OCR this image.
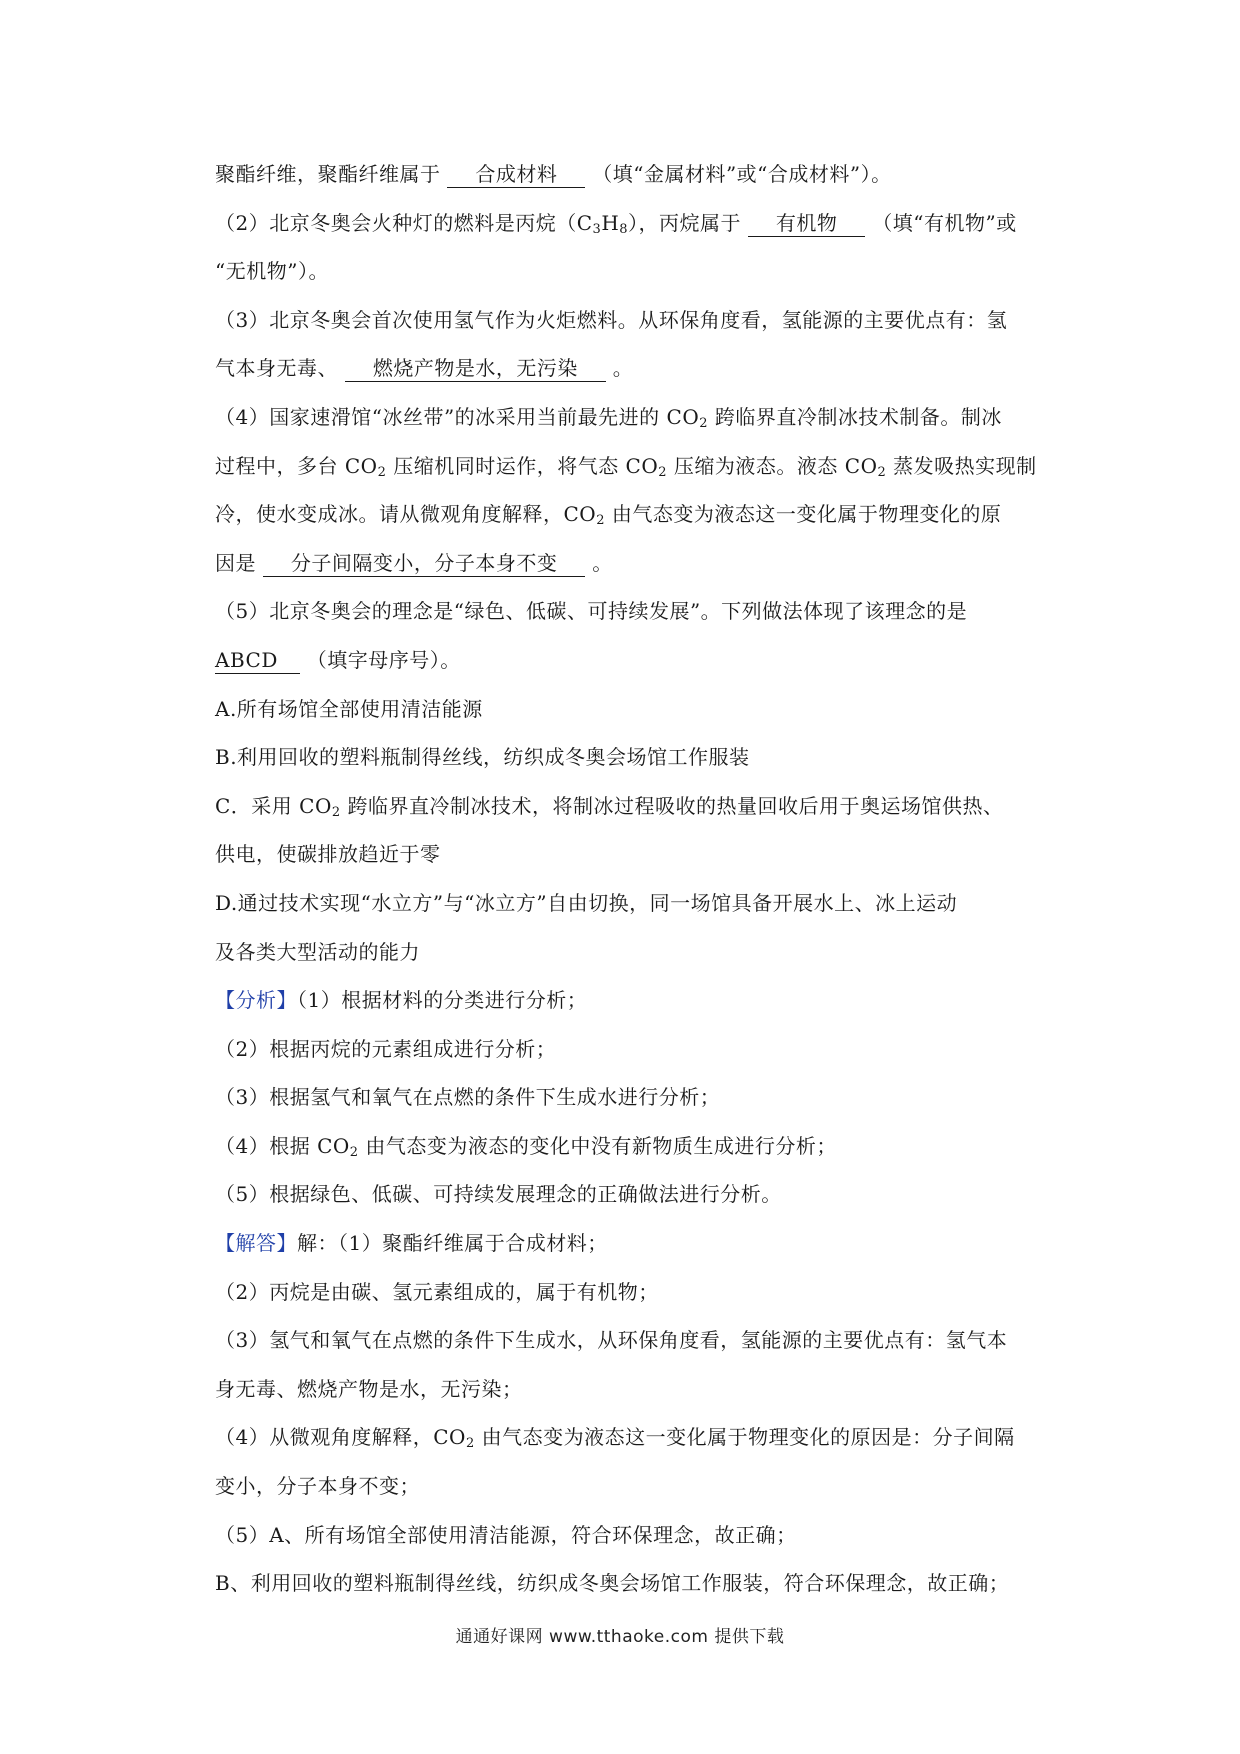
聚酯纤维，聚酯纤维属于 合成材料 （填“金属材料”或“合成材料”）。
（2）北京冬奥会火种灯的燃料是丙烷$(C_3H_8)$，丙烷属于 有机物 （填“有机物”或
“无机物”）。
（3）北京冬奥会首次使用氢气作为火炬燃料。从环保角度看，氢能源的主要优点有：氢
气本身无毒、 燃烧产物是水，无污染 。
（4）国家速滑馆“冰丝带”的冰采用当前最先进的 $CO_2$ 跨临界直冷制冰技术制备。制冰
过程中，多台 $CO_2$ 压缩机同时运作，将气态 $CO_2$ 压缩为液态。液态 $CO_2$ 蒸发吸热实现制
冷，使水变成冰。请从微观角度解释，$CO_2$ 由气态变为液态这一变化属于物理变化的原
因是 分子间隔变小，分子本身不变 。
（5）北京冬奥会的理念是“绿色、低碳、可持续发展”。下列做法体现了该理念的是
ABCD （填字母序号）。
A.所有场馆全部使用清洁能源
B.利用回收的塑料瓶制得丝线，纺织成冬奥会场馆工作服装
C．采用 $CO_2$ 跨临界直冷制冰技术，将制冰过程吸收的热量回收后用于奥运场馆供热、
供电，使碳排放趋近于零
D.通过技术实现“水立方”与“冰立方”自由切换，同一场馆具备开展水上、冰上运动
及各类大型活动的能力
【分析】（1）根据材料的分类进行分析；
（2）根据丙烷的元素组成进行分析；
（3）根据氢气和氧气在点燃的条件下生成水进行分析；
（4）根据 $CO_2$ 由气态变为液态的变化中没有新物质生成进行分析；
（5）根据绿色、低碳、可持续发展理念的正确做法进行分析。
【解答】解：（1）聚酯纤维属于合成材料；
（2）丙烷是由碳、氢元素组成的，属于有机物；
（3）氢气和氧气在点燃的条件下生成水，从环保角度看，氢能源的主要优点有：氢气本
身无毒、燃烧产物是水，无污染；
（4）从微观角度解释，$CO_2$ 由气态变为液态这一变化属于物理变化的原因是：分子间隔
变小，分子本身不变；
（5）A、所有场馆全部使用清洁能源，符合环保理念，故正确；
B、利用回收的塑料瓶制得丝线，纺织成冬奥会场馆工作服装，符合环保理念，故正确；
通通好课网 www.tthaoke.com 提供下载
